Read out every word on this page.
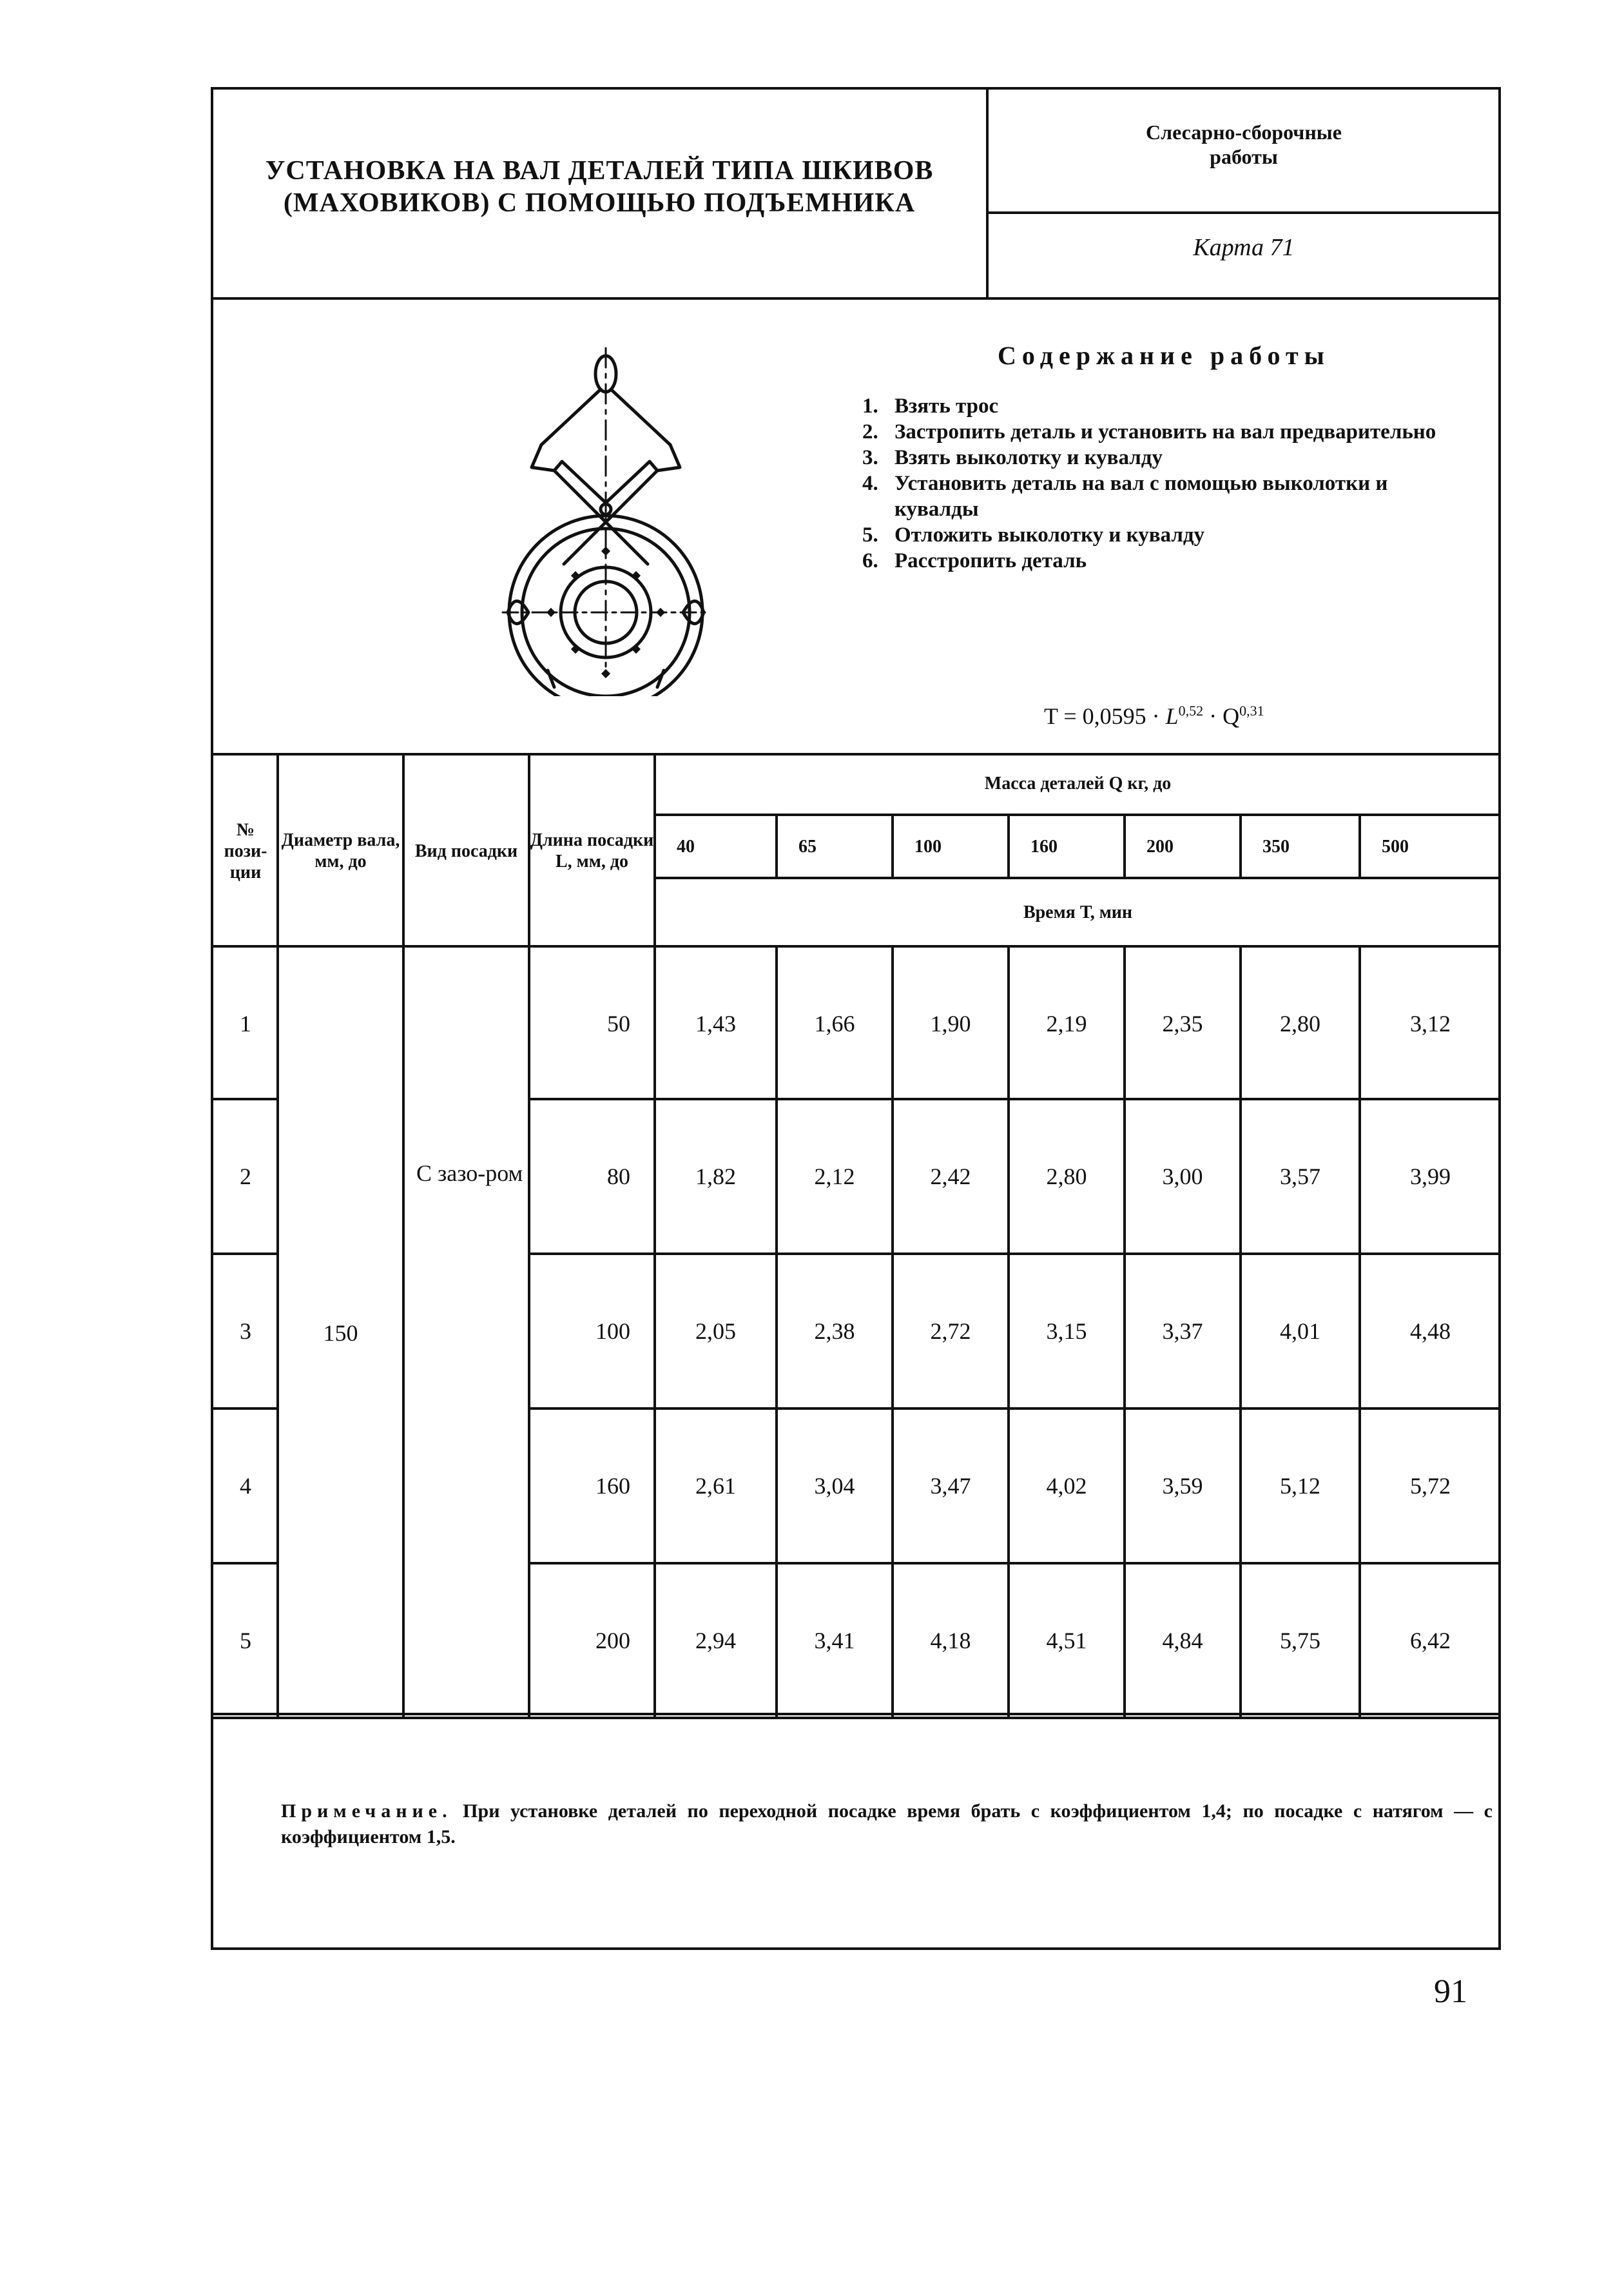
УСТАНОВКА НА ВАЛ ДЕТАЛЕЙ ТИПА ШКИВОВ
(МАХОВИКОВ) С ПОМОЩЬЮ ПОДЪЕМНИКА
Слесарно-сборочные
работы
Карта 71
Содержание работы
1. Взять трос
2. Застропить деталь и установить на вал предварительно
3. Взять выколотку и кувалду
4. Установить деталь на вал с помощью выколотки и кувалды
5. Отложить выколотку и кувалду
6. Расстропить деталь
T = 0,0595 · L$^{0,52}$ · Q$^{0,31}$
№ пози-ции
Диаметр вала, мм, до
Вид посадки
Длина посадки L, мм, до
Масса деталей Q кг, до
Время Т, мин
40	65	100	160	200	350	500
1	50	1,43	1,66	1,90	2,19	2,35	2,80	3,12
2	80	1,82	2,12	2,42	2,80	3,00	3,57	3,99
3	100	2,05	2,38	2,72	3,15	3,37	4,01	4,48
4	160	2,61	3,04	3,47	4,02	3,59	5,12	5,72
5	200	2,94	3,41	4,18	4,51	4,84	5,75	6,42
150
С зазо-ром
Примечание. При установке деталей по переходной посадке время брать с коэффициентом 1,4; по посадке с натягом — с коэффициентом 1,5.
91
